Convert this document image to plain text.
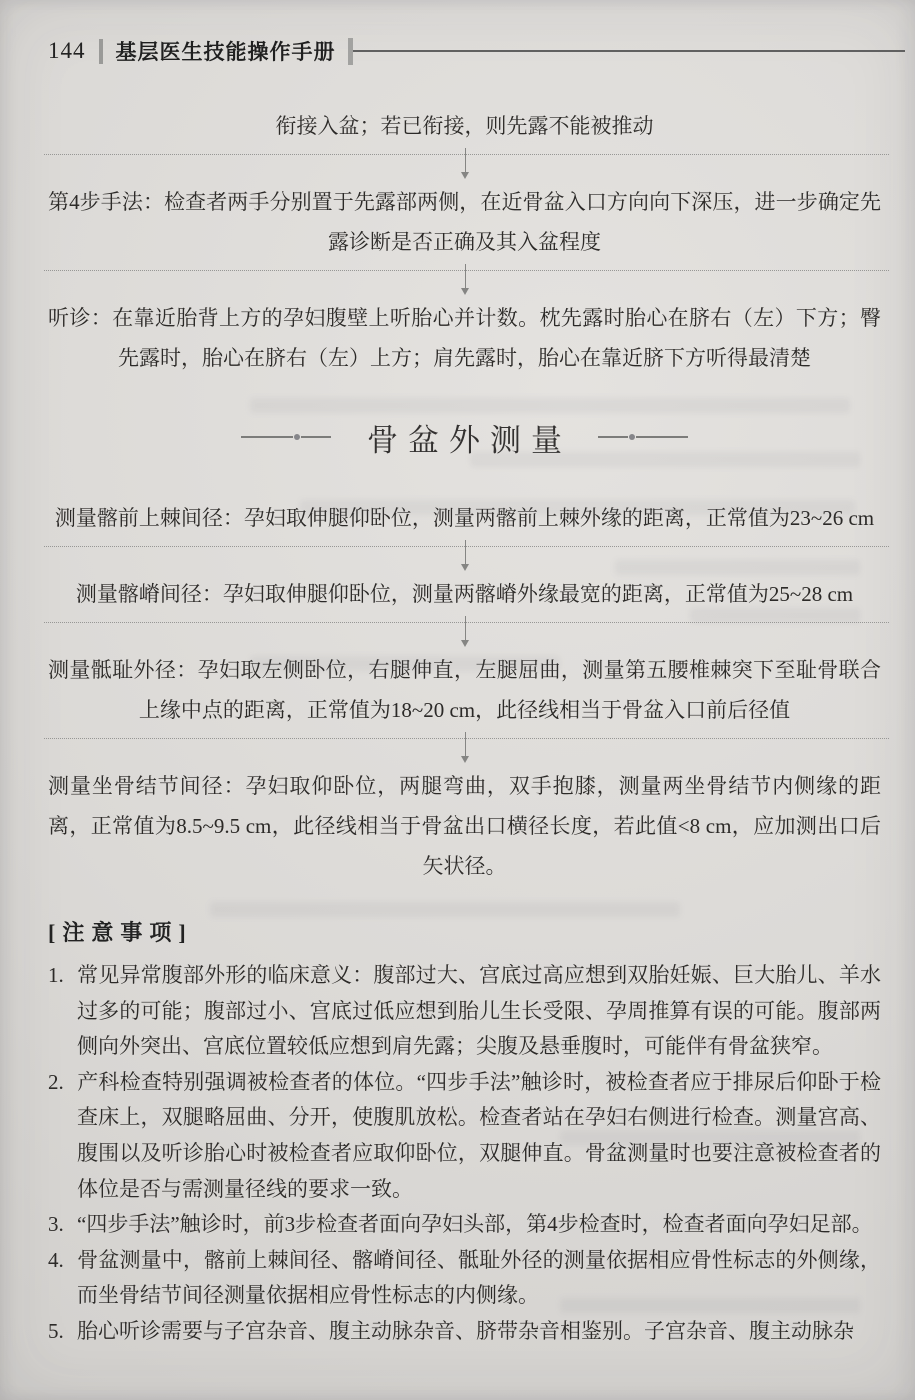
144 基层医生技能操作手册
衔接入盆；若已衔接，则先露不能被推动
第4步手法：检查者两手分别置于先露部两侧，在近骨盆入口方向向下深压，进一步确定先露诊断是否正确及其入盆程度
听诊：在靠近胎背上方的孕妇腹壁上听胎心并计数。枕先露时胎心在脐右（左）下方；臀先露时，胎心在脐右（左）上方；肩先露时，胎心在靠近脐下方听得最清楚
骨盆外测量
测量髂前上棘间径：孕妇取伸腿仰卧位，测量两髂前上棘外缘的距离，正常值为23~26 cm
测量髂嵴间径：孕妇取伸腿仰卧位，测量两髂嵴外缘最宽的距离，正常值为25~28 cm
测量骶耻外径：孕妇取左侧卧位，右腿伸直，左腿屈曲，测量第五腰椎棘突下至耻骨联合上缘中点的距离，正常值为18~20 cm，此径线相当于骨盆入口前后径值
测量坐骨结节间径：孕妇取仰卧位，两腿弯曲，双手抱膝，测量两坐骨结节内侧缘的距离，正常值为8.5~9.5 cm，此径线相当于骨盆出口横径长度，若此值<8 cm，应加测出口后矢状径。
[注意事项]
1. 常见异常腹部外形的临床意义：腹部过大、宫底过高应想到双胎妊娠、巨大胎儿、羊水过多的可能；腹部过小、宫底过低应想到胎儿生长受限、孕周推算有误的可能。腹部两侧向外突出、宫底位置较低应想到肩先露；尖腹及悬垂腹时，可能伴有骨盆狭窄。
2. 产科检查特别强调被检查者的体位。“四步手法”触诊时，被检查者应于排尿后仰卧于检查床上，双腿略屈曲、分开，使腹肌放松。检查者站在孕妇右侧进行检查。测量宫高、腹围以及听诊胎心时被检查者应取仰卧位，双腿伸直。骨盆测量时也要注意被检查者的体位是否与需测量径线的要求一致。
3. “四步手法”触诊时，前3步检查者面向孕妇头部，第4步检查时，检查者面向孕妇足部。
4. 骨盆测量中，髂前上棘间径、髂嵴间径、骶耻外径的测量依据相应骨性标志的外侧缘，而坐骨结节间径测量依据相应骨性标志的内侧缘。
5. 胎心听诊需要与子宫杂音、腹主动脉杂音、脐带杂音相鉴别。子宫杂音、腹主动脉杂
